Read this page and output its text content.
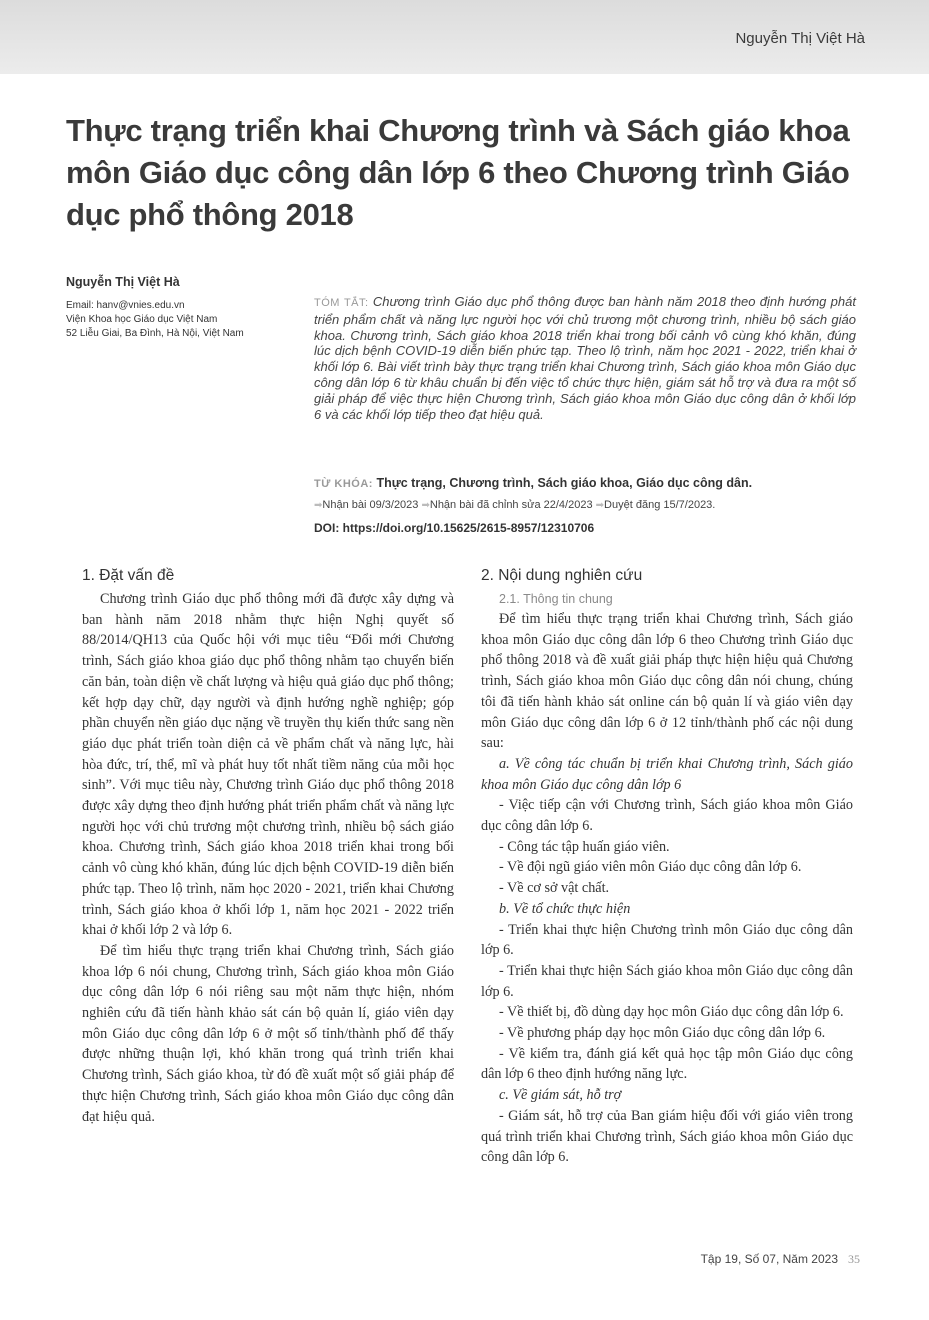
Nguyễn Thị Việt Hà
Thực trạng triển khai Chương trình và Sách giáo khoa môn Giáo dục công dân lớp 6 theo Chương trình Giáo dục phổ thông 2018
Nguyễn Thị Việt Hà
Email: hanv@vnies.edu.vn
Viện Khoa học Giáo dục Việt Nam
52 Liễu Giai, Ba Đình, Hà Nội, Việt Nam

TÓM TẮT: Chương trình Giáo dục phổ thông được ban hành năm 2018 theo định hướng phát triển phẩm chất và năng lực người học với chủ trương một chương trình, nhiều bộ sách giáo khoa. Chương trình, Sách giáo khoa 2018 triển khai trong bối cảnh vô cùng khó khăn, đúng lúc dịch bệnh COVID-19 diễn biến phức tạp. Theo lộ trình, năm học 2021 - 2022, triển khai ở khối lớp 6. Bài viết trình bày thực trạng triển khai Chương trình, Sách giáo khoa môn Giáo dục công dân lớp 6 từ khâu chuẩn bị đến việc tổ chức thực hiện, giám sát hỗ trợ và đưa ra một số giải pháp để việc thực hiện Chương trình, Sách giáo khoa môn Giáo dục công dân ở khối lớp 6 và các khối lớp tiếp theo đạt hiệu quả.

TỪ KHÓA: Thực trạng, Chương trình, Sách giáo khoa, Giáo dục công dân.
➡Nhận bài 09/3/2023 ➡Nhận bài đã chỉnh sửa 22/4/2023 ➡Duyệt đăng 15/7/2023.
DOI: https://doi.org/10.15625/2615-8957/12310706
1. Đặt vấn đề

Chương trình Giáo dục phổ thông mới đã được xây dựng và ban hành năm 2018 nhằm thực hiện Nghị quyết số 88/2014/QH13 của Quốc hội với mục tiêu “Đổi mới Chương trình, Sách giáo khoa giáo dục phổ thông nhằm tạo chuyển biến căn bản, toàn diện về chất lượng và hiệu quả giáo dục phổ thông; kết hợp dạy chữ, dạy người và định hướng nghề nghiệp; góp phần chuyển nền giáo dục nặng về truyền thụ kiến thức sang nền giáo dục phát triển toàn diện cả về phẩm chất và năng lực, hài hòa đức, trí, thể, mĩ và phát huy tốt nhất tiềm năng của mỗi học sinh”. Với mục tiêu này, Chương trình Giáo dục phổ thông 2018 được xây dựng theo định hướng phát triển phẩm chất và năng lực người học với chủ trương một chương trình, nhiều bộ sách giáo khoa. Chương trình, Sách giáo khoa 2018 triển khai trong bối cảnh vô cùng khó khăn, đúng lúc dịch bệnh COVID-19 diễn biến phức tạp. Theo lộ trình, năm học 2020 - 2021, triển khai Chương trình, Sách giáo khoa ở khối lớp 1, năm học 2021 - 2022 triển khai ở khối lớp 2 và lớp 6.

Để tìm hiểu thực trạng triển khai Chương trình, Sách giáo khoa lớp 6 nói chung, Chương trình, Sách giáo khoa môn Giáo dục công dân lớp 6 nói riêng sau một năm thực hiện, nhóm nghiên cứu đã tiến hành khảo sát cán bộ quản lí, giáo viên dạy môn Giáo dục công dân lớp 6 ở một số tỉnh/thành phố để thấy được những thuận lợi, khó khăn trong quá trình triển khai Chương trình, Sách giáo khoa, từ đó đề xuất một số giải pháp để thực hiện Chương trình, Sách giáo khoa môn Giáo dục công dân đạt hiệu quả.

2. Nội dung nghiên cứu

2.1. Thông tin chung

Để tìm hiểu thực trạng triển khai Chương trình, Sách giáo khoa môn Giáo dục công dân lớp 6 theo Chương trình Giáo dục phổ thông 2018 và đề xuất giải pháp thực hiện hiệu quả Chương trình, Sách giáo khoa môn Giáo dục công dân nói chung, chúng tôi đã tiến hành khảo sát online cán bộ quản lí và giáo viên dạy môn Giáo dục công dân lớp 6 ở 12 tỉnh/thành phố các nội dung sau:

a. Về công tác chuẩn bị triển khai Chương trình, Sách giáo khoa môn Giáo dục công dân lớp 6

- Việc tiếp cận với Chương trình, Sách giáo khoa môn Giáo dục công dân lớp 6.

- Công tác tập huấn giáo viên.

- Về đội ngũ giáo viên môn Giáo dục công dân lớp 6.

- Về cơ sở vật chất.

b. Về tổ chức thực hiện

- Triển khai thực hiện Chương trình môn Giáo dục công dân lớp 6.

- Triển khai thực hiện Sách giáo khoa môn Giáo dục công dân lớp 6.

- Về thiết bị, đồ dùng dạy học môn Giáo dục công dân lớp 6.

- Về phương pháp dạy học môn Giáo dục công dân lớp 6.

- Về kiểm tra, đánh giá kết quả học tập môn Giáo dục công dân lớp 6 theo định hướng năng lực.

c. Về giám sát, hỗ trợ

- Giám sát, hỗ trợ của Ban giám hiệu đối với giáo viên trong quá trình triển khai Chương trình, Sách giáo khoa môn Giáo dục công dân lớp 6.

Tập 19, Số 07, Năm 2023 35
